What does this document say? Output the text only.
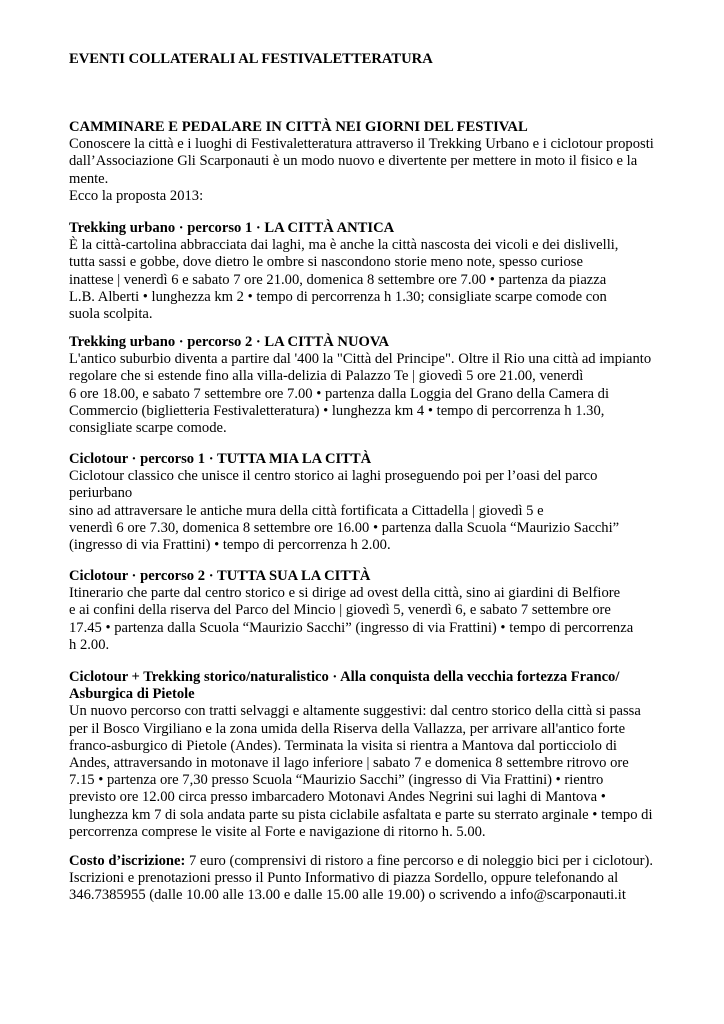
EVENTI COLLATERALI AL FESTIVALETTERATURA
CAMMINARE E PEDALARE IN CITTÀ NEI GIORNI DEL FESTIVAL
Conoscere la città e i luoghi di Festivaletteratura attraverso il Trekking Urbano e i ciclotour proposti
dall’Associazione Gli Scarponauti è un modo nuovo e divertente per mettere in moto il fisico e la
mente.
Ecco la proposta 2013:
Trekking urbano · percorso 1 · LA CITTÀ ANTICA
È la città-cartolina abbracciata dai laghi, ma è anche la città nascosta dei vicoli e dei dislivelli,
tutta sassi e gobbe, dove dietro le ombre si nascondono storie meno note, spesso curiose
inattese | venerdì 6 e sabato 7 ore 21.00, domenica 8 settembre ore 7.00 • partenza da piazza
L.B. Alberti • lunghezza km 2 • tempo di percorrenza h 1.30; consigliate scarpe comode con
suola scolpita.
Trekking urbano · percorso 2 · LA CITTÀ NUOVA
L'antico suburbio diventa a partire dal '400 la "Città del Principe". Oltre il Rio una città ad impianto
regolare che si estende fino alla villa-delizia di Palazzo Te | giovedì 5 ore 21.00, venerdì
6 ore 18.00, e sabato 7 settembre ore 7.00 • partenza dalla Loggia del Grano della Camera di
Commercio (biglietteria Festivaletteratura) • lunghezza km 4 • tempo di percorrenza h 1.30,
consigliate scarpe comode.
Ciclotour · percorso 1 · TUTTA MIA LA CITTÀ
Ciclotour classico che unisce il centro storico ai laghi proseguendo poi per l’oasi del parco
periurbano
sino ad attraversare le antiche mura della città fortificata a Cittadella | giovedì 5 e
venerdì 6 ore 7.30, domenica 8 settembre ore 16.00 • partenza dalla Scuola “Maurizio Sacchi”
(ingresso di via Frattini) • tempo di percorrenza h 2.00.
Ciclotour · percorso 2 · TUTTA SUA LA CITTÀ
Itinerario che parte dal centro storico e si dirige ad ovest della città, sino ai giardini di Belfiore
e ai confini della riserva del Parco del Mincio | giovedì 5, venerdì 6, e sabato 7 settembre ore
17.45 • partenza dalla Scuola “Maurizio Sacchi” (ingresso di via Frattini) • tempo di percorrenza
h 2.00.
Ciclotour + Trekking storico/naturalistico · Alla conquista della vecchia fortezza Franco/
Asburgica di Pietole
Un nuovo percorso con tratti selvaggi e altamente suggestivi: dal centro storico della città si passa
per il Bosco Virgiliano e la zona umida della Riserva della Vallazza, per arrivare all'antico forte
franco-asburgico di Pietole (Andes). Terminata la visita si rientra a Mantova dal porticciolo di
Andes, attraversando in motonave il lago inferiore | sabato 7 e domenica 8 settembre ritrovo ore
7.15 • partenza ore 7,30 presso Scuola “Maurizio Sacchi” (ingresso di Via Frattini) • rientro
previsto ore 12.00 circa presso imbarcadero Motonavi Andes Negrini sui laghi di Mantova •
lunghezza km 7 di sola andata parte su pista ciclabile asfaltata e parte su sterrato arginale • tempo di
percorrenza comprese le visite al Forte e navigazione di ritorno h. 5.00.
Costo d’iscrizione: 7 euro (comprensivi di ristoro a fine percorso e di noleggio bici per i ciclotour).
Iscrizioni e prenotazioni presso il Punto Informativo di piazza Sordello, oppure telefonando al
346.7385955 (dalle 10.00 alle 13.00 e dalle 15.00 alle 19.00) o scrivendo a info@scarponauti.it
